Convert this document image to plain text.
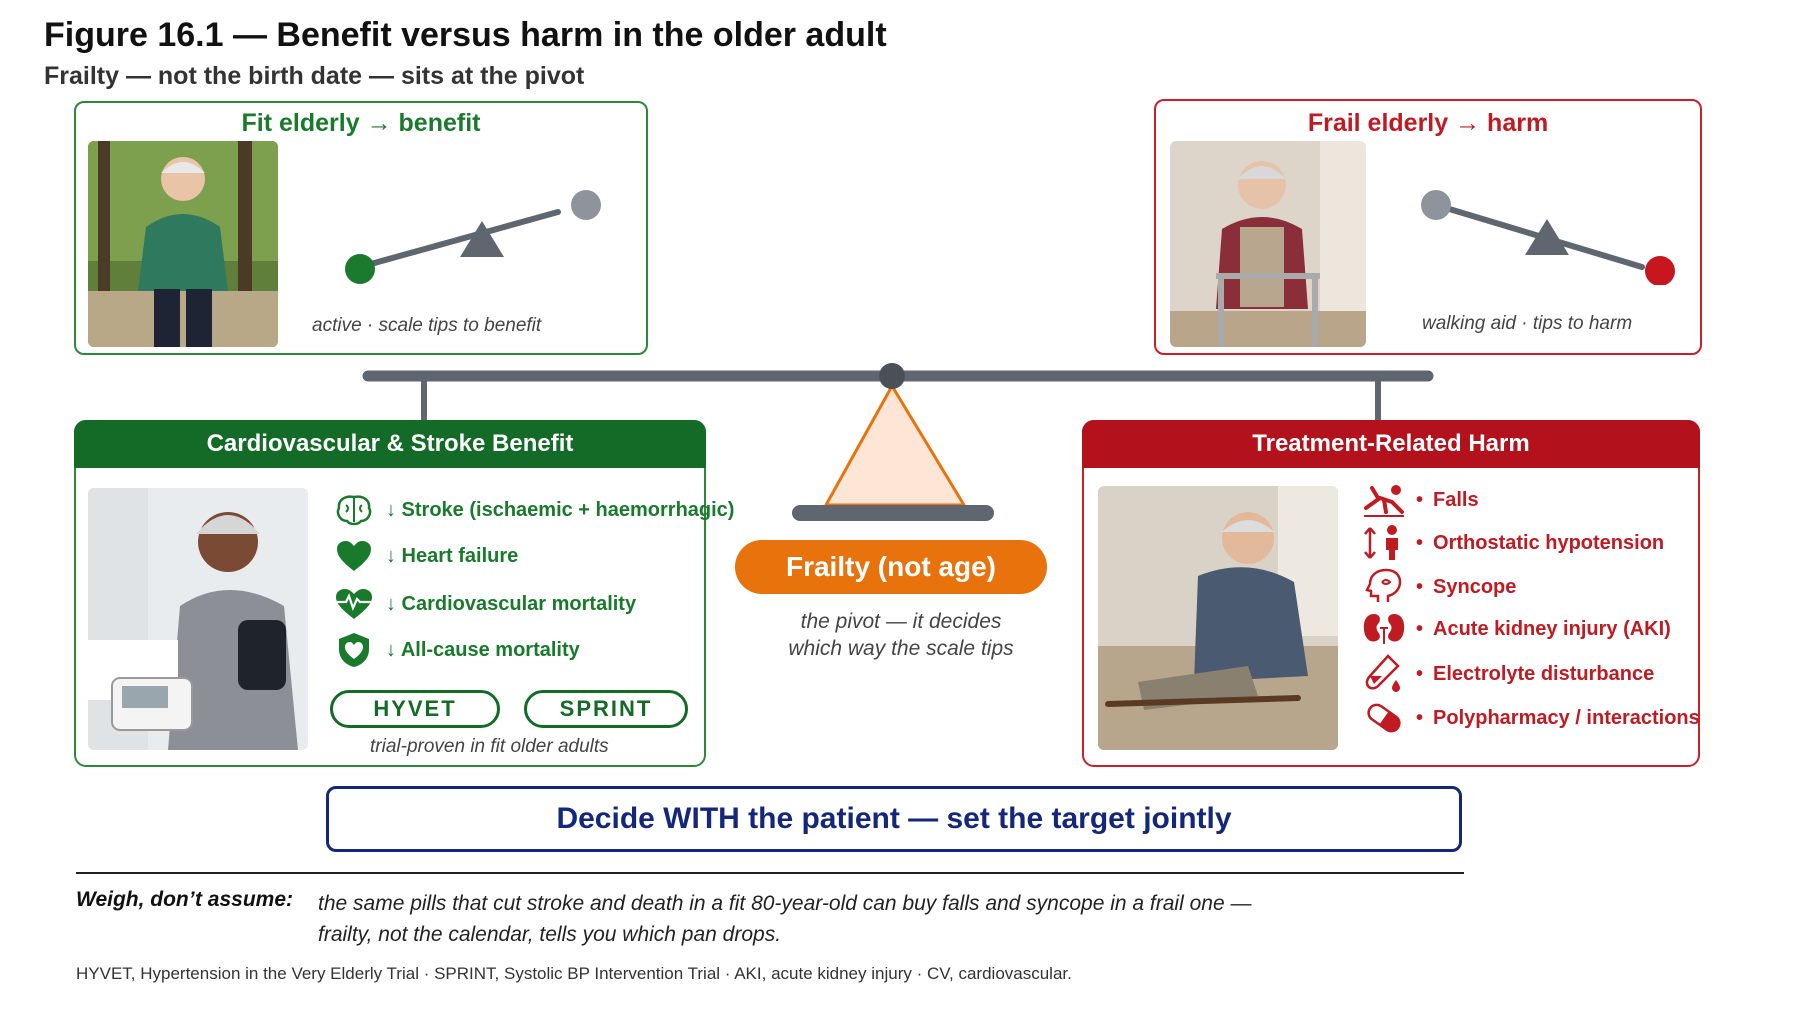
Figure 16.1 — Benefit versus harm in the older adult
Frailty — not the birth date — sits at the pivot
Fit elderly → benefit
active · scale tips to benefit
Frail elderly → harm
walking aid · tips to harm
Cardiovascular & Stroke Benefit
↓ Stroke (ischaemic + haemorrhagic)
↓ Heart failure
↓ Cardiovascular mortality
↓ All-cause mortality
HYVET	SPRINT
trial-proven in fit older adults
Frailty (not age)
the pivot — it decides
which way the scale tips
Treatment-Related Harm
• Falls
• Orthostatic hypotension
• Syncope
• Acute kidney injury (AKI)
• Electrolyte disturbance
• Polypharmacy / interactions
Decide WITH the patient — set the target jointly
Weigh, don’t assume: the same pills that cut stroke and death in a fit 80-year-old can buy falls and syncope in a frail one —
frailty, not the calendar, tells you which pan drops.
HYVET, Hypertension in the Very Elderly Trial · SPRINT, Systolic BP Intervention Trial · AKI, acute kidney injury · CV, cardiovascular.
